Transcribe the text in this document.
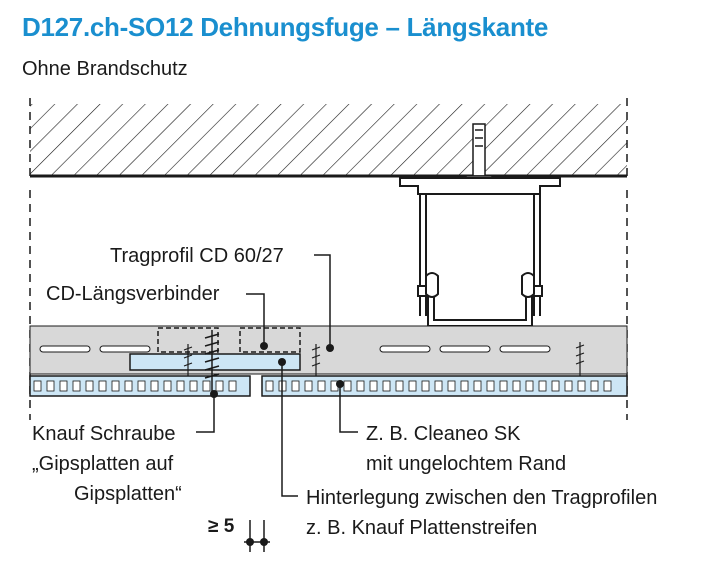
D127.ch-SO12 Dehnungsfuge – Längskante
Ohne Brandschutz
Tragprofil CD 60/27
CD-Längsverbinder
Knauf Schraube
„Gipsplatten auf
Gipsplatten“
Z. B. Cleaneo SK
mit ungelochtem Rand
Hinterlegung zwischen den Tragprofilen
z. B. Knauf Plattenstreifen
≥ 5
